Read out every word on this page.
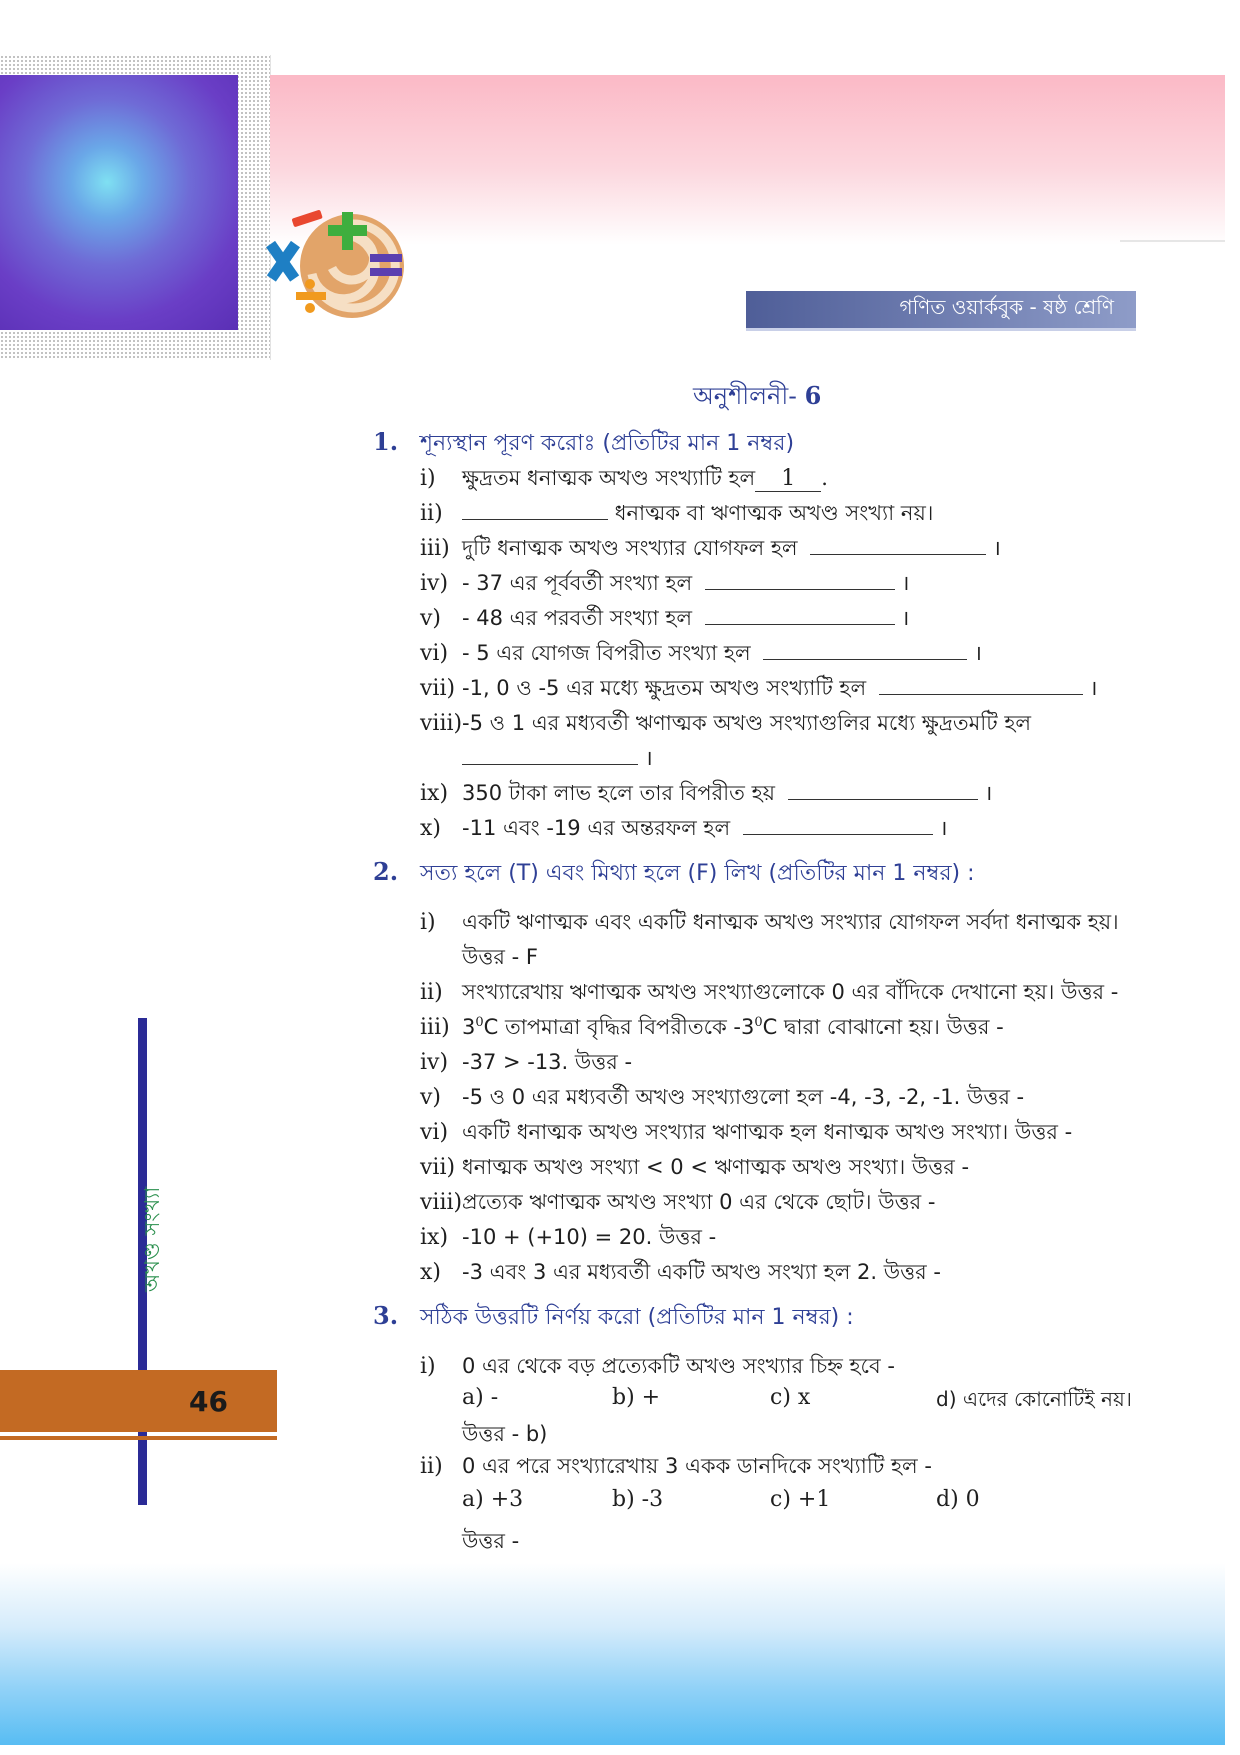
গণিত ওয়ার্কবুক - ষষ্ঠ শ্রেণি
অখণ্ড সংখ্যা
46
অনুশীলনী- 6
1. শূন্যস্থান পূরণ করোঃ (প্রতিটির মান 1 নম্বর)
i) ক্ষুদ্রতম ধনাত্মক অখণ্ড সংখ্যাটি হল 1 .
ii)	ধনাত্মক বা ঋণাত্মক অখণ্ড সংখ্যা নয়।
iii) দুটি ধনাত্মক অখণ্ড সংখ্যার যোগফল হল	।
iv) - 37 এর পূর্ববর্তী সংখ্যা হল	।
v) - 48 এর পরবর্তী সংখ্যা হল	।
vi) - 5 এর যোগজ বিপরীত সংখ্যা হল	।
vii) -1, 0 ও -5 এর মধ্যে ক্ষুদ্রতম অখণ্ড সংখ্যাটি হল	।
viii)-5 ও 1 এর মধ্যবর্তী ঋণাত্মক অখণ্ড সংখ্যাগুলির মধ্যে ক্ষুদ্রতমটি হল
।
ix) 350 টাকা লাভ হলে তার বিপরীত হয়	।
x) -11 এবং -19 এর অন্তরফল হল	।
2. সত্য হলে (T) এবং মিথ্যা হলে (F) লিখ (প্রতিটির মান 1 নম্বর) :
i) একটি ঋণাত্মক এবং একটি ধনাত্মক অখণ্ড সংখ্যার যোগফল সর্বদা ধনাত্মক হয়।
উত্তর - F
ii) সংখ্যারেখায় ঋণাত্মক অখণ্ড সংখ্যাগুলোকে 0 এর বাঁদিকে দেখানো হয়। উত্তর -
iii) $3^0C$ তাপমাত্রা বৃদ্ধির বিপরীতকে $-3^0C$ দ্বারা বোঝানো হয়। উত্তর -
iv) -37 > -13. উত্তর -
v) -5 ও 0 এর মধ্যবর্তী অখণ্ড সংখ্যাগুলো হল -4, -3, -2, -1. উত্তর -
vi) একটি ধনাত্মক অখণ্ড সংখ্যার ঋণাত্মক হল ধনাত্মক অখণ্ড সংখ্যা। উত্তর -
vii) ধনাত্মক অখণ্ড সংখ্যা < 0 < ঋণাত্মক অখণ্ড সংখ্যা। উত্তর -
viii)প্রত্যেক ঋণাত্মক অখণ্ড সংখ্যা 0 এর থেকে ছোট। উত্তর -
ix) -10 + (+10) = 20. উত্তর -
x) -3 এবং 3 এর মধ্যবর্তী একটি অখণ্ড সংখ্যা হল 2. উত্তর -
3. সঠিক উত্তরটি নির্ণয় করো (প্রতিটির মান 1 নম্বর) :
i) 0 এর থেকে বড় প্রত্যেকটি অখণ্ড সংখ্যার চিহ্ন হবে -
a) -	b) +	c) x	d) এদের কোনোটিই নয়।
উত্তর - b)
ii) 0 এর পরে সংখ্যারেখায় 3 একক ডানদিকে সংখ্যাটি হল -
a) +3	b) -3	c) +1	d) 0
উত্তর -
